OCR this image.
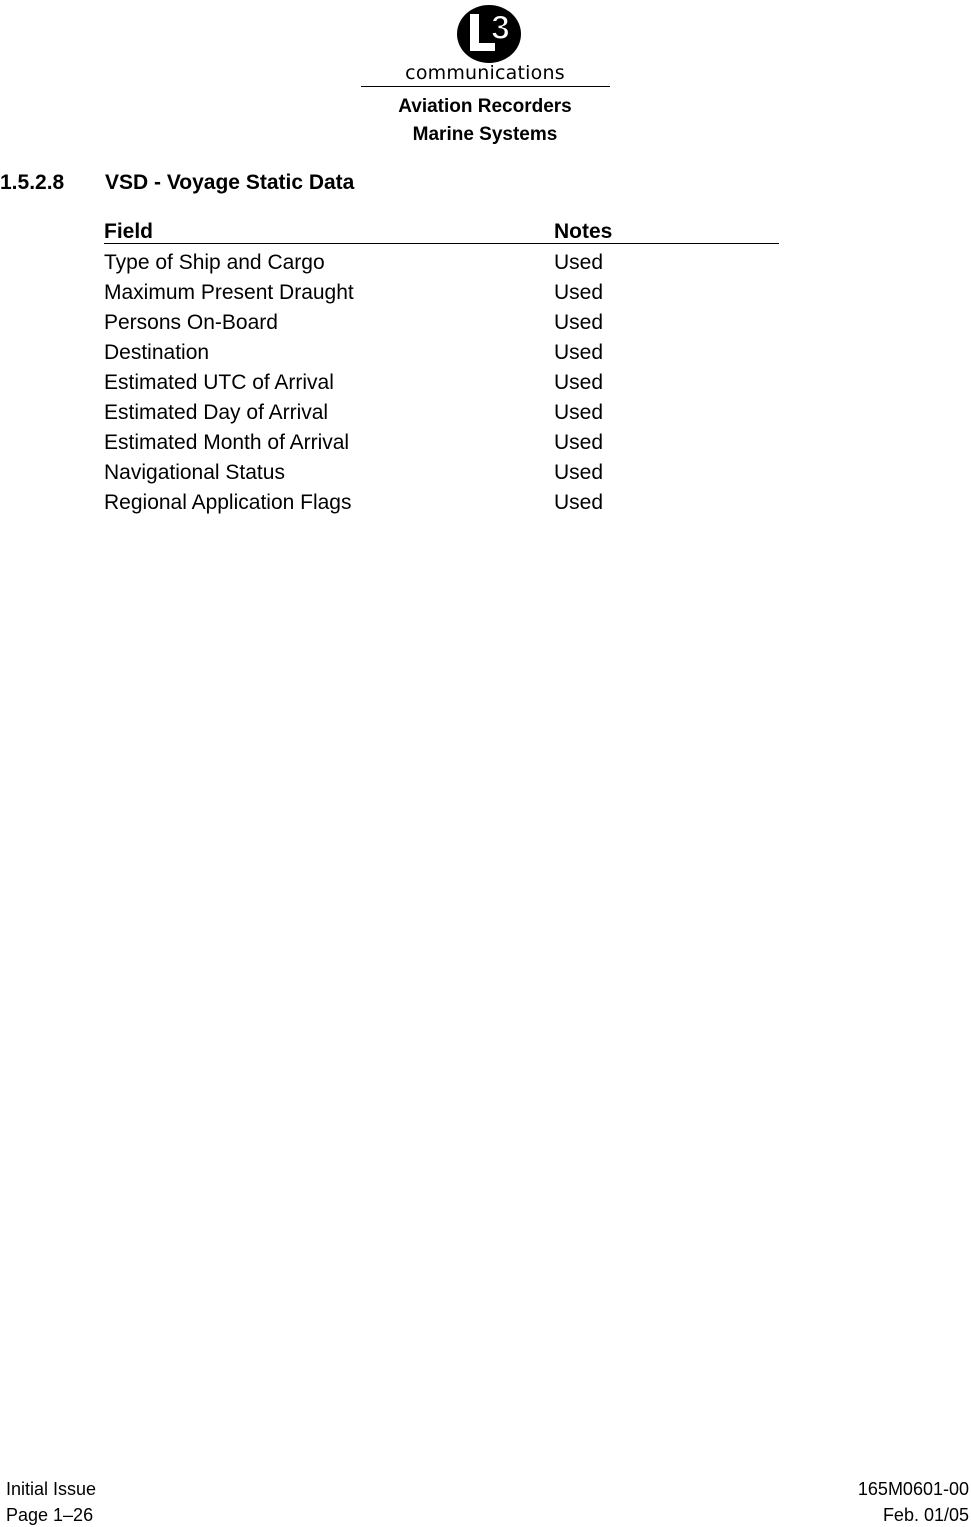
3
communications
Aviation Recorders
Marine Systems
1.5.2.8 VSD - Voyage Static Data
Field	Notes
Type of Ship and Cargo	Used
Maximum Present Draught	Used
Persons On-Board	Used
Destination	Used
Estimated UTC of Arrival	Used
Estimated Day of Arrival	Used
Estimated Month of Arrival	Used
Navigational Status	Used
Regional Application Flags	Used
Initial Issue
Page 1–26
165M0601-00
Feb. 01/05
